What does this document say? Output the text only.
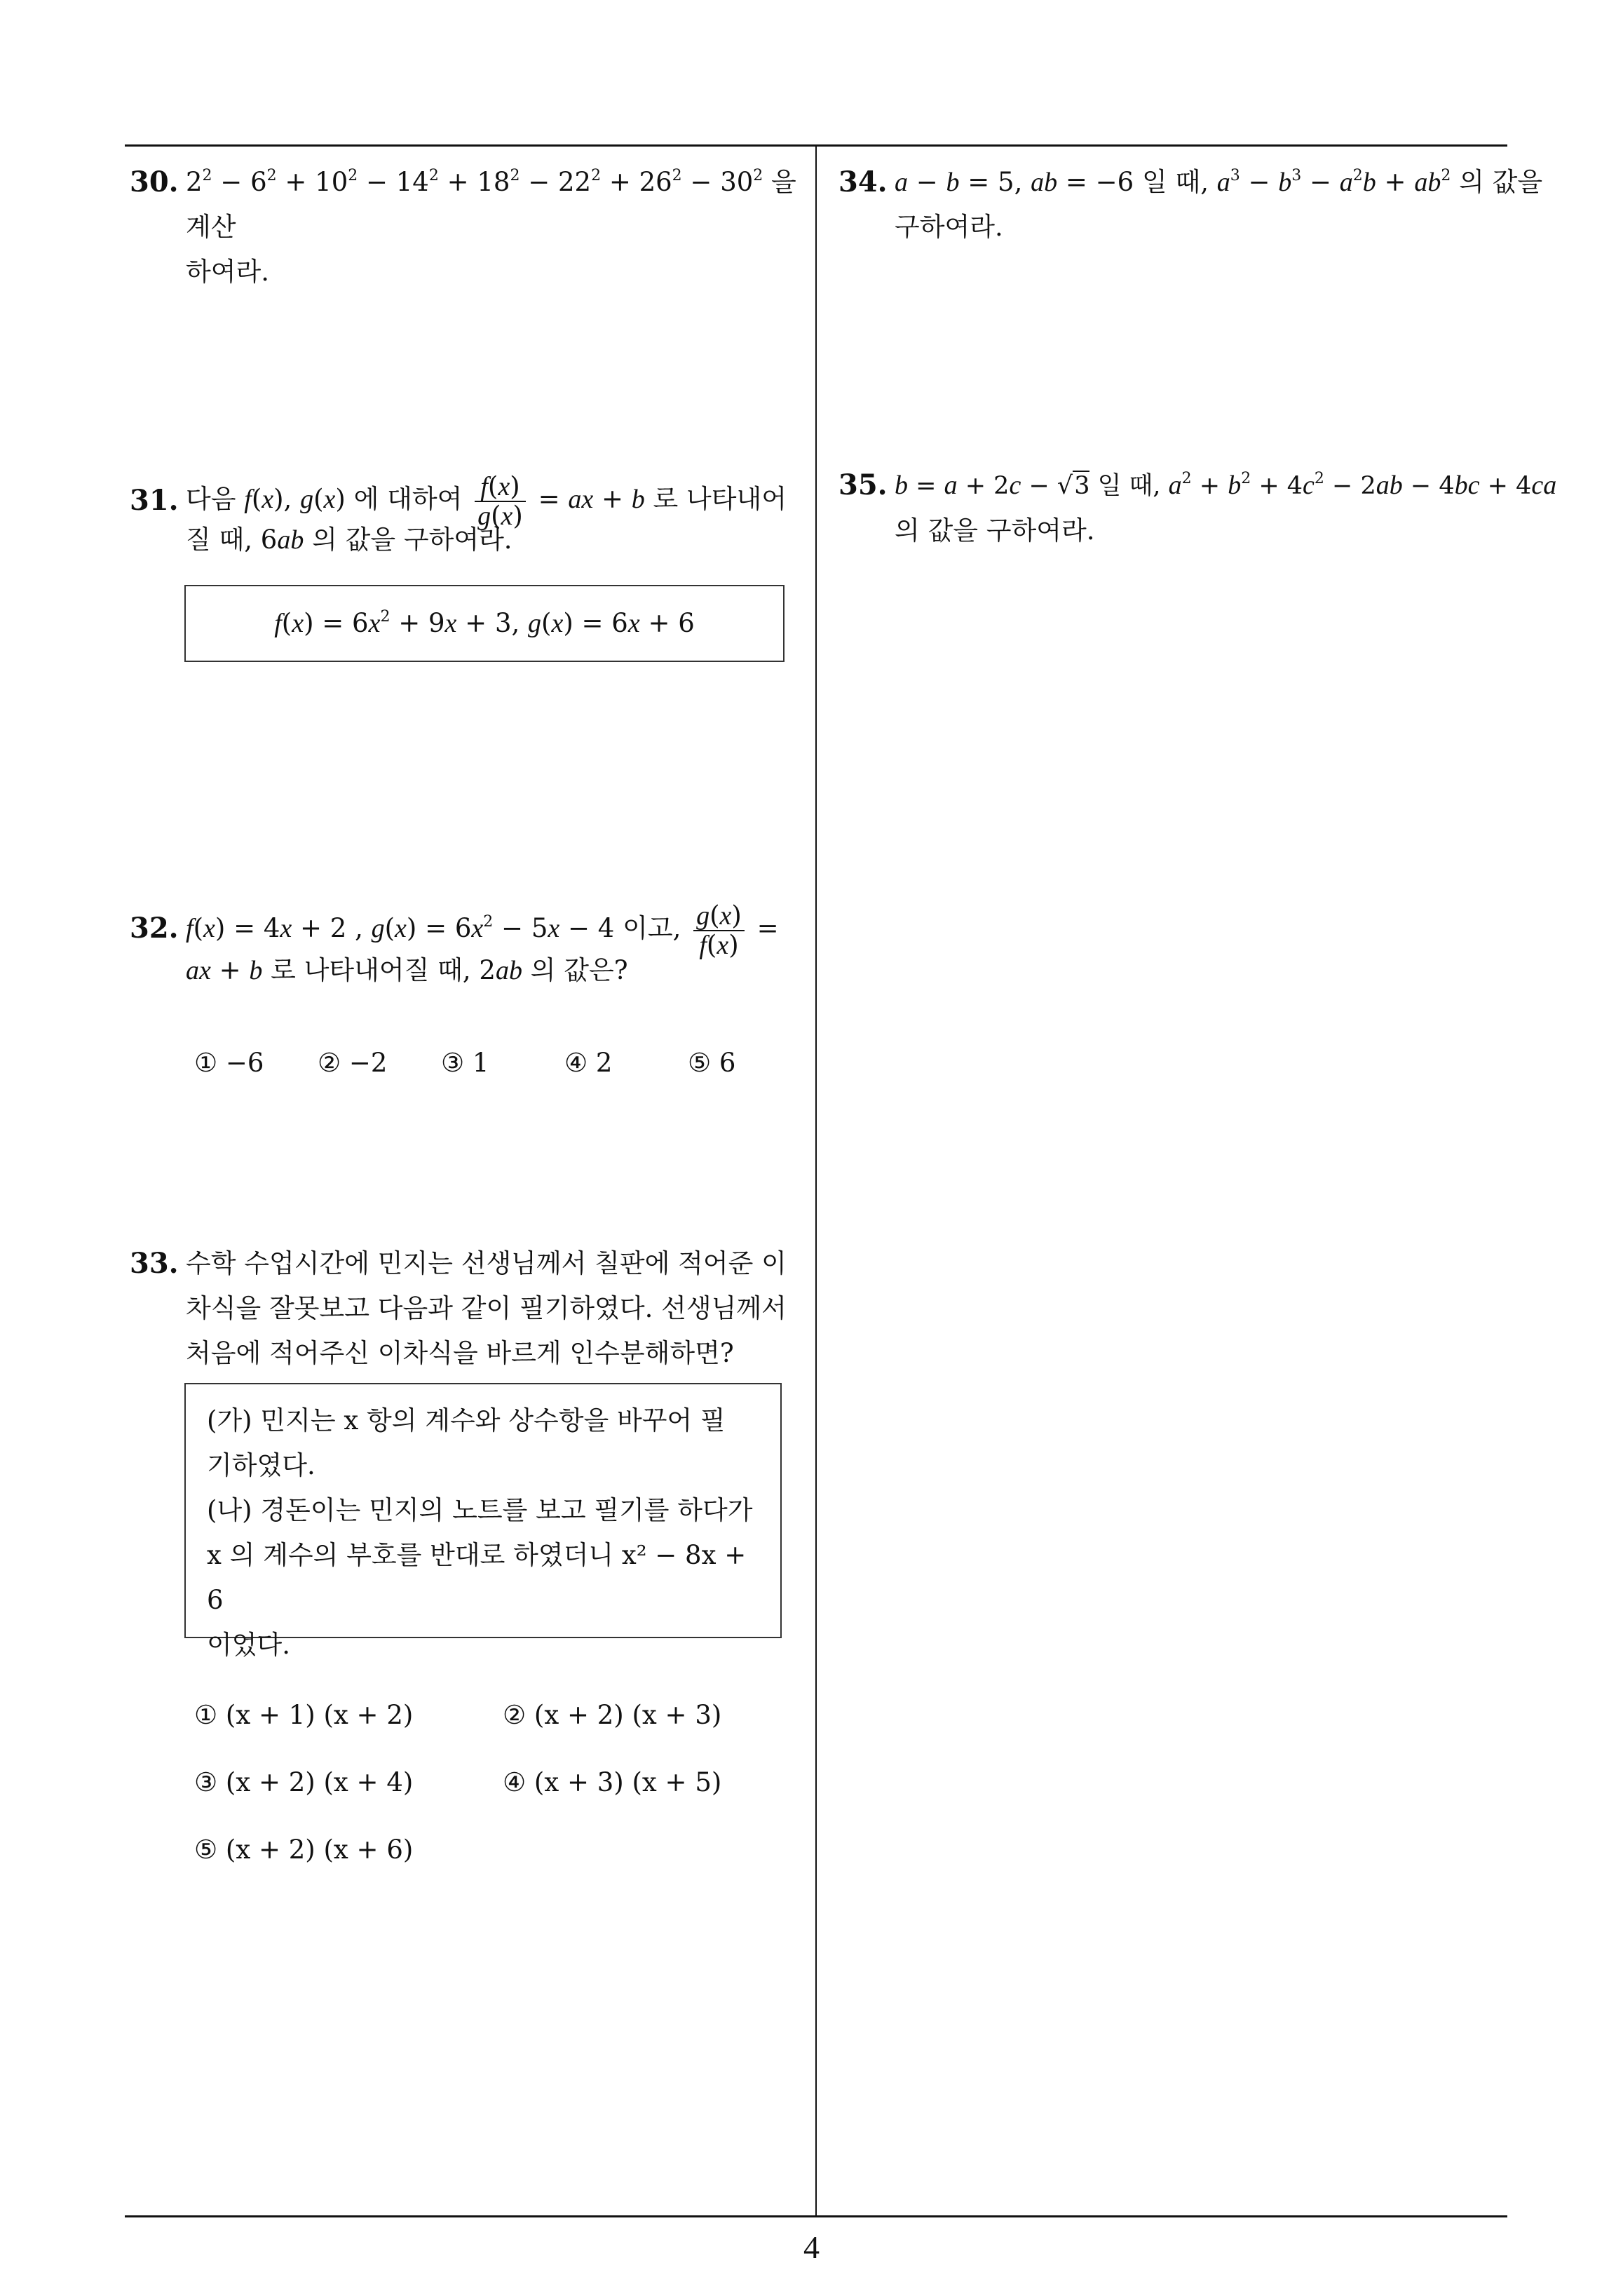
30. $2^2 - 6^2 + 10^2 - 14^2 + 18^2 - 22^2 + 26^2 - 30^2$ 을 계산
하여라.
31. 다음 f(x), g(x) 에 대하여 $\frac{f(x)}{g(x)}$ = ax + b 로 나타내어
질 때, 6ab 의 값을 구하여라.
$f(x) = 6x^2 + 9x + 3$, g(x) = 6x + 6
32. f(x) = 4x + 2 , $g(x) = 6x^2 - 5x - 4$ 이고, $\frac{g(x)}{f(x)}$ =
ax + b 로 나타내어질 때, 2ab 의 값은?
① −6 ② −2 ③ 1	④ 2	⑤ 6
33. 수학 수업시간에 민지는 선생님께서 칠판에 적어준 이
차식을 잘못보고 다음과 같이 필기하였다. 선생님께서
처음에 적어주신 이차식을 바르게 인수분해하면?
(가) 민지는 x 항의 계수와 상수항을 바꾸어 필
기하였다.
(나) 경돈이는 민지의 노트를 보고 필기를 하다가
x 의 계수의 부호를 반대로 하였더니 x² − 8x + 6
이었다.
① (x + 1) (x + 2)	② (x + 2) (x + 3)
③ (x + 2) (x + 4)	④ (x + 3) (x + 5)
⑤ (x + 2) (x + 6)
34. a − b = 5, ab = −6 일 때, $a^3 - b^3 - a^2b + ab^2$ 의 값을
구하여라.
35. b = a + 2c − √3 일 때, $a^2 + b^2 + 4c^2 - 2ab - 4bc + 4ca$
의 값을 구하여라.
4
